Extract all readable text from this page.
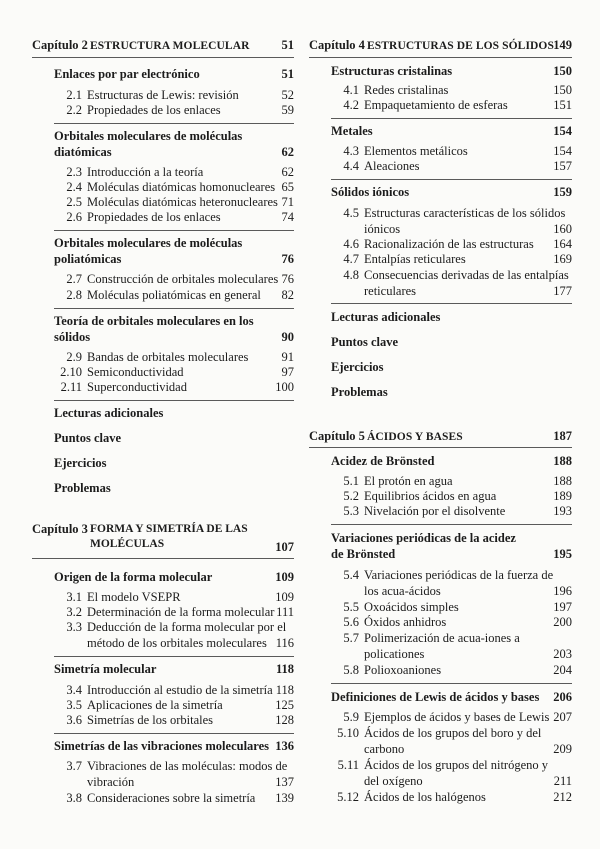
Capítulo 2 ESTRUCTURA MOLECULAR	51
Enlaces por par electrónico	51
2.1 Estructuras de Lewis: revisión	52
2.2 Propiedades de los enlaces	59
Orbitales moleculares de moléculas diatómicas	62
2.3 Introducción a la teoría	62
2.4 Moléculas diatómicas homonucleares 65
2.5 Moléculas diatómicas heteronucleares 71
2.6 Propiedades de los enlaces	74
Orbitales moleculares de moléculas poliatómicas	76
2.7 Construcción de orbitales moleculares 76
2.8 Moléculas poliatómicas en general	82
Teoría de orbitales moleculares en los sólidos	90
2.9 Bandas de orbitales moleculares	91
2.10 Semiconductividad	97
2.11 Superconductividad	100
Lecturas adicionales
Puntos clave
Ejercicios
Problemas
Capítulo 3 FORMA Y SIMETRÍA DE LAS MOLÉCULAS	107
Origen de la forma molecular	109
3.1 El modelo VSEPR	109
3.2 Determinación de la forma molecular 111
3.3 Deducción de la forma molecular por el método de los orbitales moleculares 116
Simetría molecular	118
3.4 Introducción al estudio de la simetría 118
3.5 Aplicaciones de la simetría	125
3.6 Simetrías de los orbitales	128
Simetrías de las vibraciones moleculares 136
3.7 Vibraciones de las moléculas: modos de vibración	137
3.8 Consideraciones sobre la simetría	139
Capítulo 4 ESTRUCTURAS DE LOS SÓLIDOS 149
Estructuras cristalinas	150
4.1 Redes cristalinas	150
4.2 Empaquetamiento de esferas	151
Metales	154
4.3 Elementos metálicos	154
4.4 Aleaciones	157
Sólidos iónicos	159
4.5 Estructuras características de los sólidos iónicos	160
4.6 Racionalización de las estructuras	164
4.7 Entalpías reticulares	169
4.8 Consecuencias derivadas de las entalpías reticulares	177
Lecturas adicionales
Puntos clave
Ejercicios
Problemas
Capítulo 5 ÁCIDOS Y BASES	187
Acidez de Brönsted	188
5.1 El protón en agua	188
5.2 Equilibrios ácidos en agua	189
5.3 Nivelación por el disolvente	193
Variaciones periódicas de la acidez de Brönsted	195
5.4 Variaciones periódicas de la fuerza de los acua-ácidos	196
5.5 Oxoácidos simples	197
5.6 Óxidos anhidros	200
5.7 Polimerización de acua-iones a policationes	203
5.8 Polioxoaniones	204
Definiciones de Lewis de ácidos y bases	206
5.9 Ejemplos de ácidos y bases de Lewis 207
5.10 Ácidos de los grupos del boro y del carbono	209
5.11 Ácidos de los grupos del nitrógeno y del oxígeno	211
5.12 Ácidos de los halógenos	212
